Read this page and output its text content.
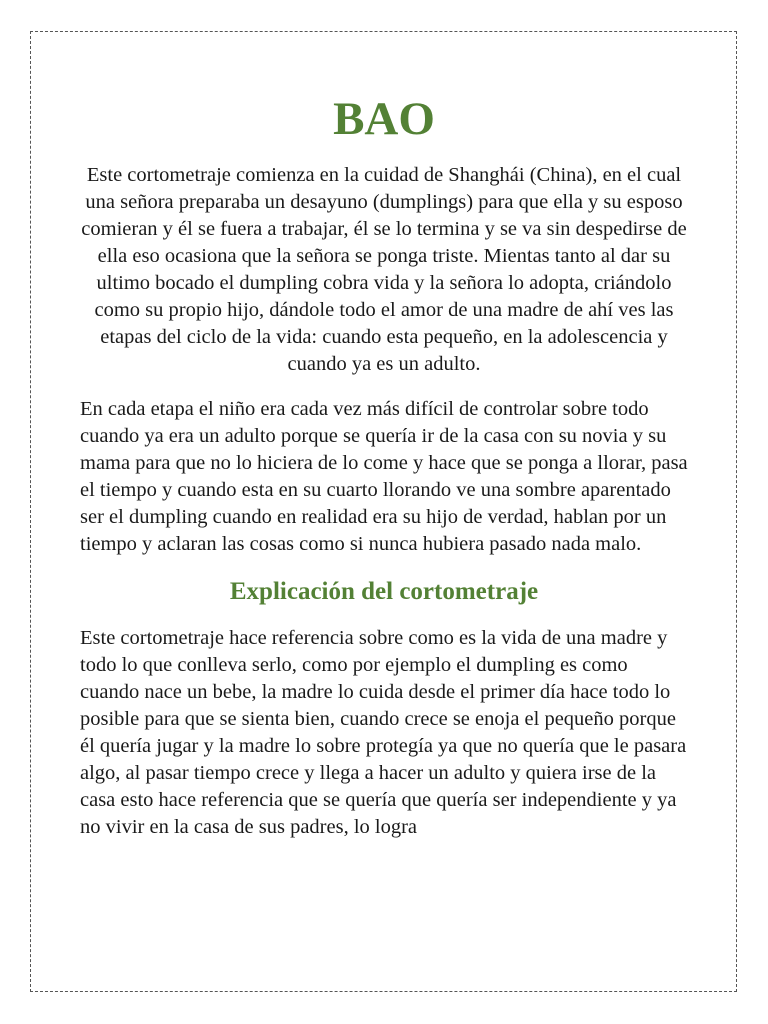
BAO

Este cortometraje comienza en la cuidad de Shanghái (China), en el cual una señora preparaba un desayuno (dumplings) para que ella y su esposo comieran y él se fuera a trabajar, él se lo termina y se va sin despedirse de ella eso ocasiona que la señora se ponga triste. Mientas tanto al dar su ultimo bocado el dumpling cobra vida y la señora lo adopta, criándolo como su propio hijo, dándole todo el amor de una madre de ahí ves las etapas del ciclo de la vida: cuando esta pequeño, en la adolescencia y cuando ya es un adulto.

En cada etapa el niño era cada vez más difícil de controlar sobre todo cuando ya era un adulto porque se quería ir de la casa con su novia y su mama para que no lo hiciera de lo come y hace que se ponga a llorar, pasa el tiempo y cuando esta en su cuarto llorando ve una sombre aparentado ser el dumpling cuando en realidad era su hijo de verdad, hablan por un tiempo y aclaran las cosas como si nunca hubiera pasado nada malo.

Explicación del cortometraje

Este cortometraje hace referencia sobre como es la vida de una madre y todo lo que conlleva serlo, como por ejemplo el dumpling es como cuando nace un bebe, la madre lo cuida desde el primer día hace todo lo posible para que se sienta bien, cuando crece se enoja el pequeño porque él quería jugar y la madre lo sobre protegía ya que no quería que le pasara algo, al pasar tiempo crece y llega a hacer un adulto y quiera irse de la casa esto hace referencia que se quería que quería ser independiente y ya no vivir en la casa de sus padres, lo logra
